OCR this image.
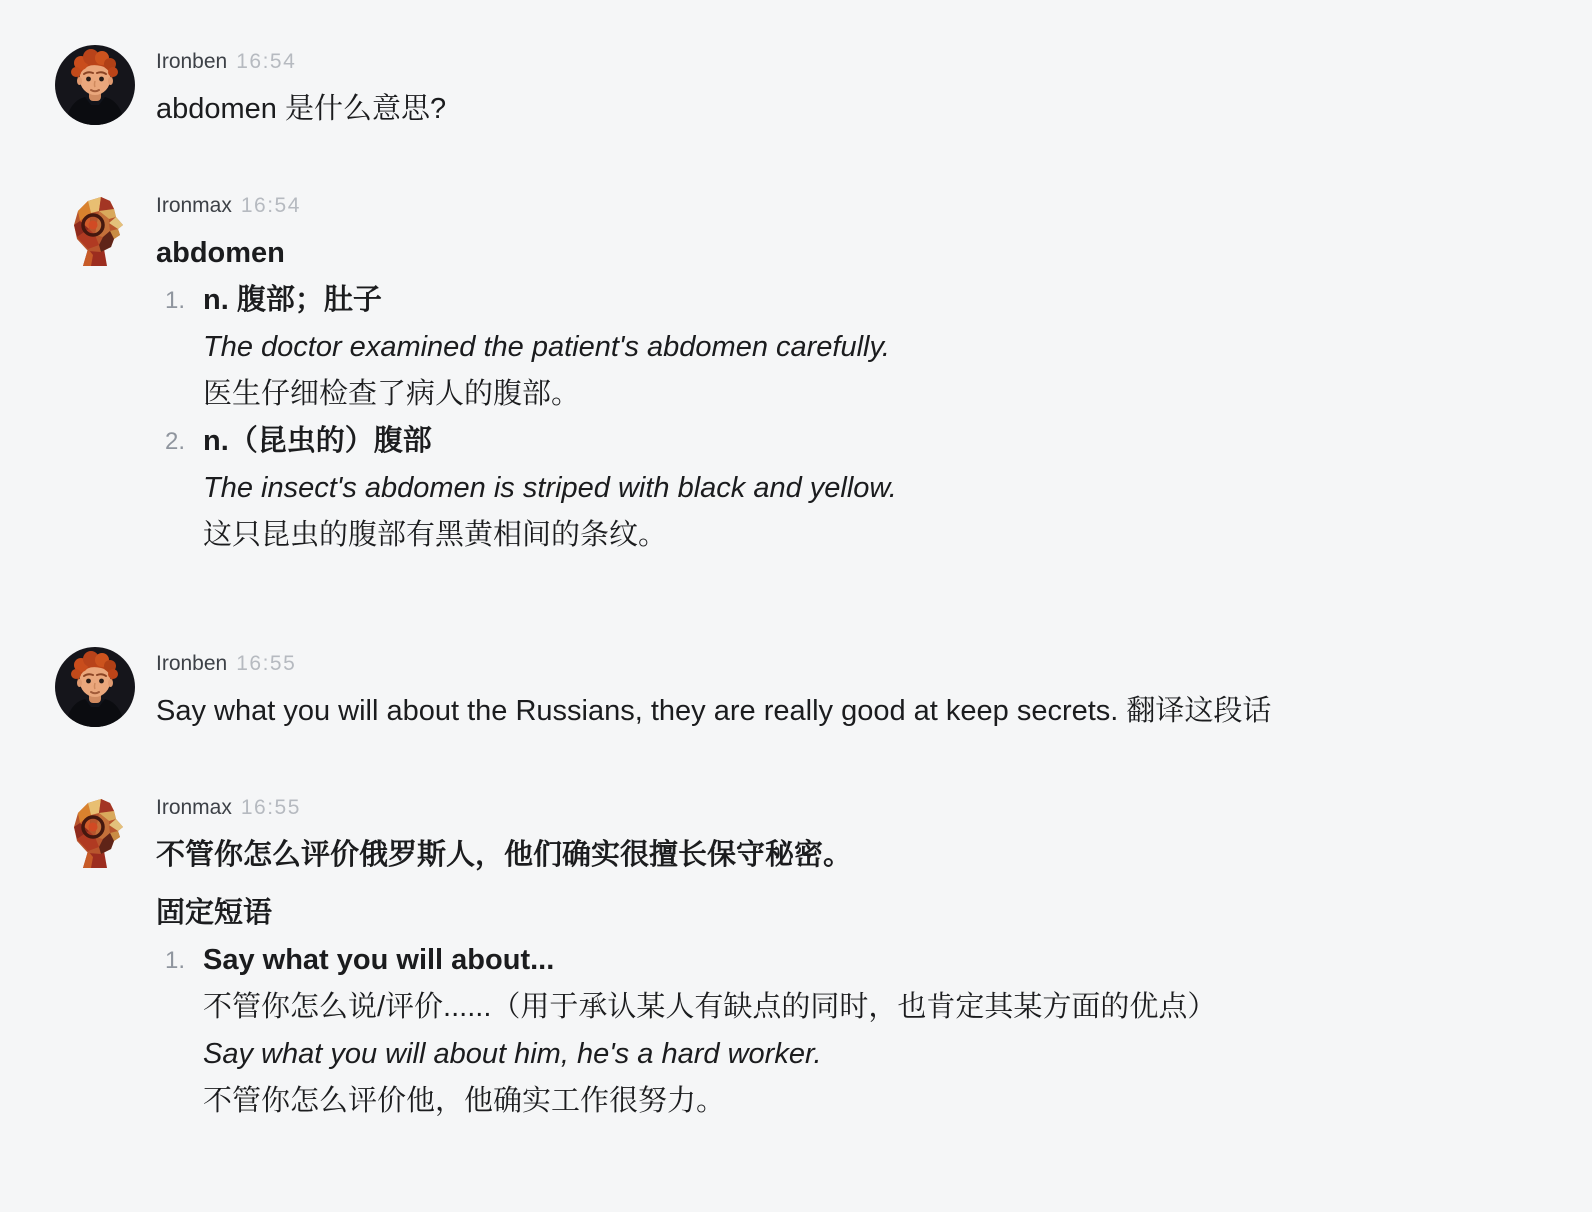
Ironben 16:54
abdomen 是什么意思?
Ironmax 16:54
abdomen
1. n. 腹部；肚子
The doctor examined the patient's abdomen carefully.
医生仔细检查了病人的腹部。
2. n.（昆虫的）腹部
The insect's abdomen is striped with black and yellow.
这只昆虫的腹部有黑黄相间的条纹。
Ironben 16:55
Say what you will about the Russians, they are really good at keep secrets. 翻译这段话
Ironmax 16:55
不管你怎么评价俄罗斯人，他们确实很擅长保守秘密。
固定短语
1. Say what you will about...
不管你怎么说/评价......（用于承认某人有缺点的同时，也肯定其某方面的优点）
Say what you will about him, he's a hard worker.
不管你怎么评价他，他确实工作很努力。
